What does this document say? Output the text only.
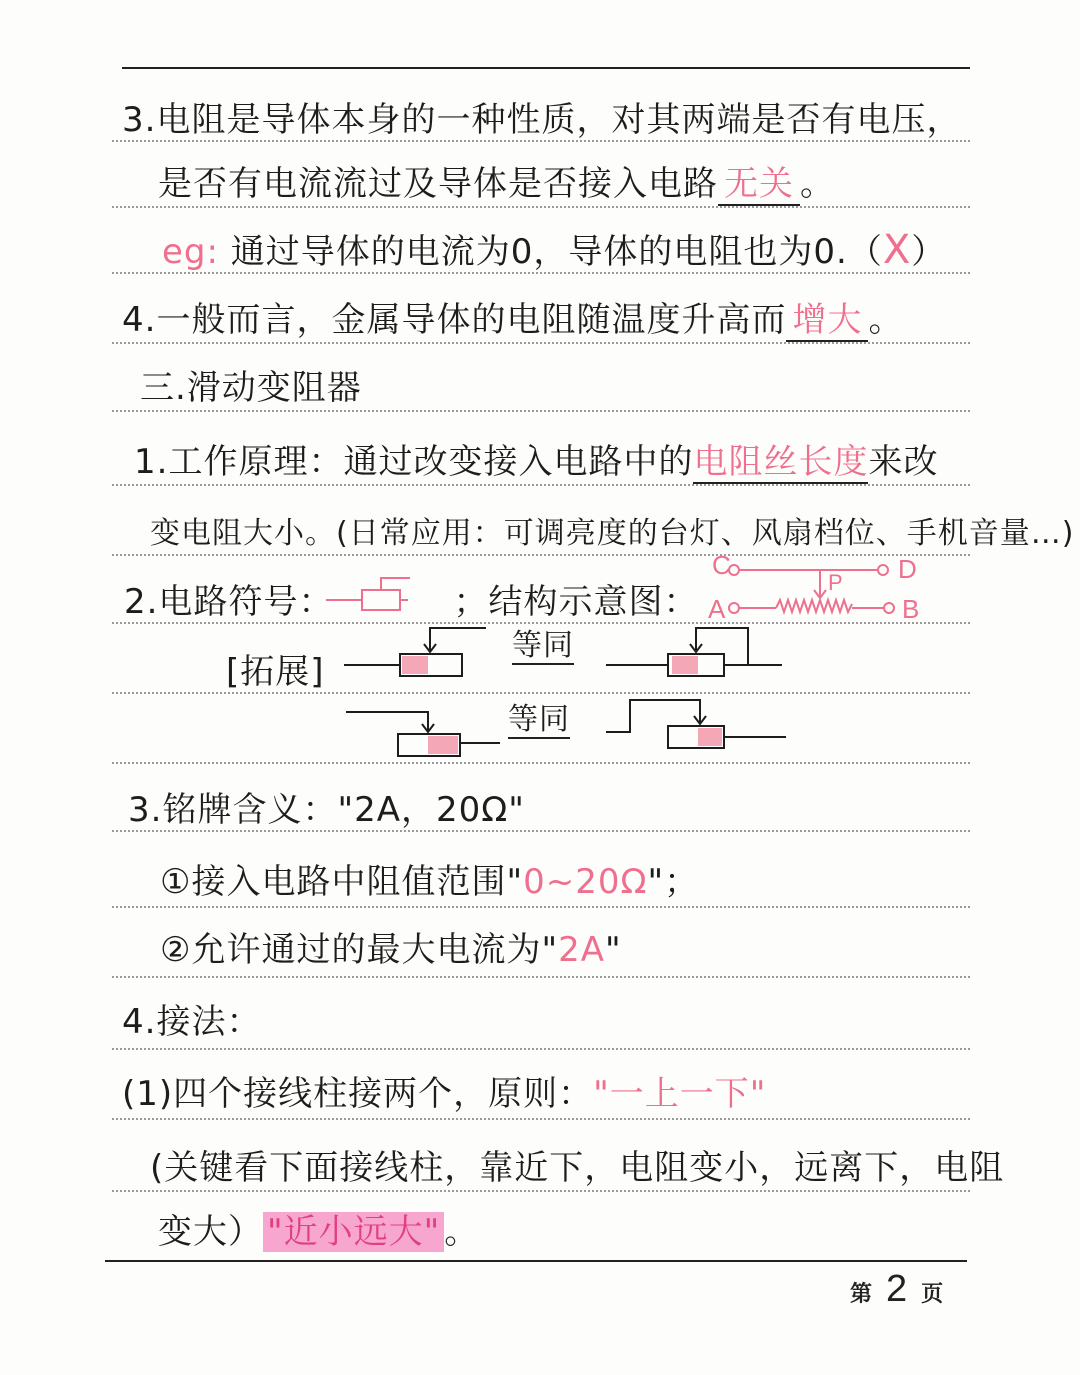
3.电阻是导体本身的一种性质，对其两端是否有电压，
是否有电流流过及导体是否接入电路 无关 。
eg: 通过导体的电流为0，导体的电阻也为0.（X）
4.一般而言，金属导体的电阻随温度升高而 增大 。
三.滑动变阻器
1.工作原理：通过改变接入电路中的电阻丝长度来改
变电阻大小。(日常应用：可调亮度的台灯、风扇档位、手机音量…)
2.电路符号：	；结构示意图：
C	D
A	B
P
[拓展]
等同
等同
3.铭牌含义："2A，20Ω"
①接入电路中阻值范围"0~20Ω"；
②允许通过的最大电流为"2A"
4.接法：
(1)四个接线柱接两个，原则："一上一下"
(关键看下面接线柱，靠近下，电阻变小，远离下，电阻
变大） "近小远大" 。
第 2 页
